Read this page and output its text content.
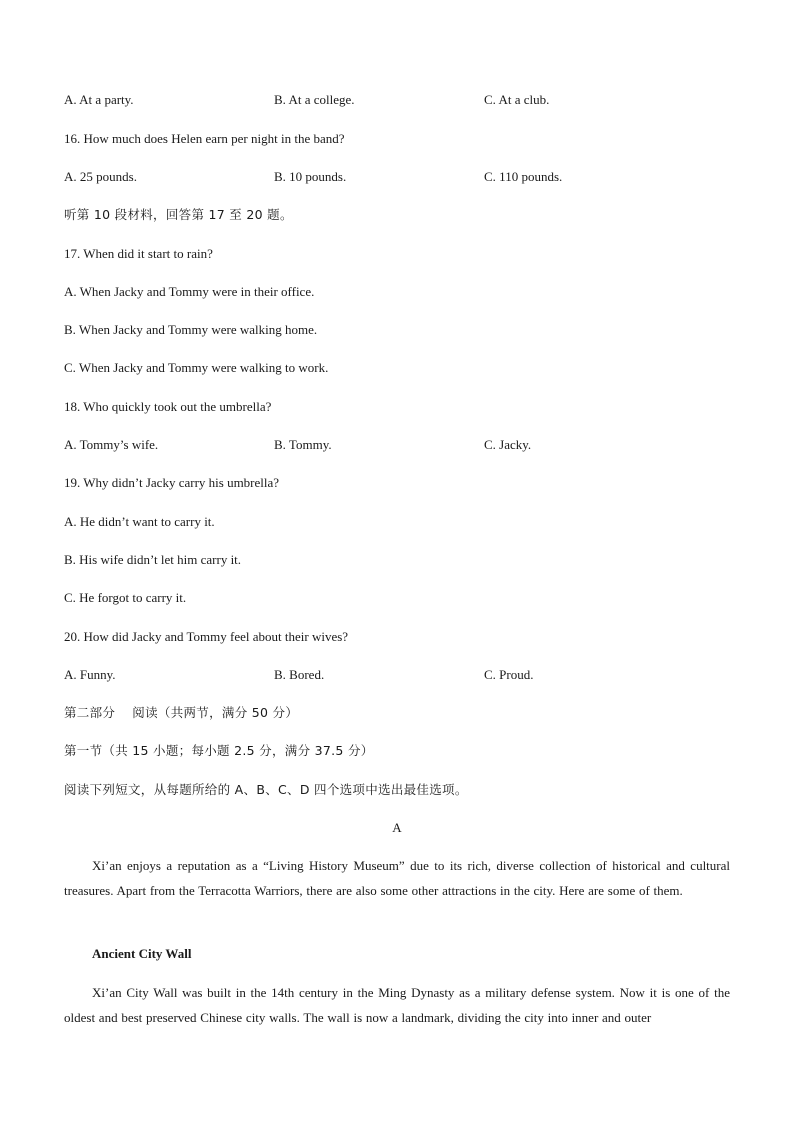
A. At a party.	B. At a college.	C. At a club.
16. How much does Helen earn per night in the band?
A. 25 pounds.	B. 10 pounds.	C. 110 pounds.
听第 10 段材料，回答第 17 至 20 题。
17. When did it start to rain?
A. When Jacky and Tommy were in their office.
B. When Jacky and Tommy were walking home.
C. When Jacky and Tommy were walking to work.
18. Who quickly took out the umbrella?
A. Tommy’s wife.	B. Tommy.	C. Jacky.
19. Why didn’t Jacky carry his umbrella?
A. He didn’t want to carry it.
B. His wife didn’t let him carry it.
C. He forgot to carry it.
20. How did Jacky and Tommy feel about their wives?
A. Funny.	B. Bored.	C. Proud.
第二部分    阅读（共两节，满分 50 分）
第一节（共 15 小题；每小题 2.5 分，满分 37.5 分）
阅读下列短文，从每题所给的 A、B、C、D 四个选项中选出最佳选项。
A
Xi’an enjoys a reputation as a “Living History Museum” due to its rich, diverse collection of historical and cultural treasures. Apart from the Terracotta Warriors, there are also some other attractions in the city. Here are some of them.
Ancient City Wall
Xi’an City Wall was built in the 14th century in the Ming Dynasty as a military defense system. Now it is one of the oldest and best preserved Chinese city walls. The wall is now a landmark, dividing the city into inner and outer
